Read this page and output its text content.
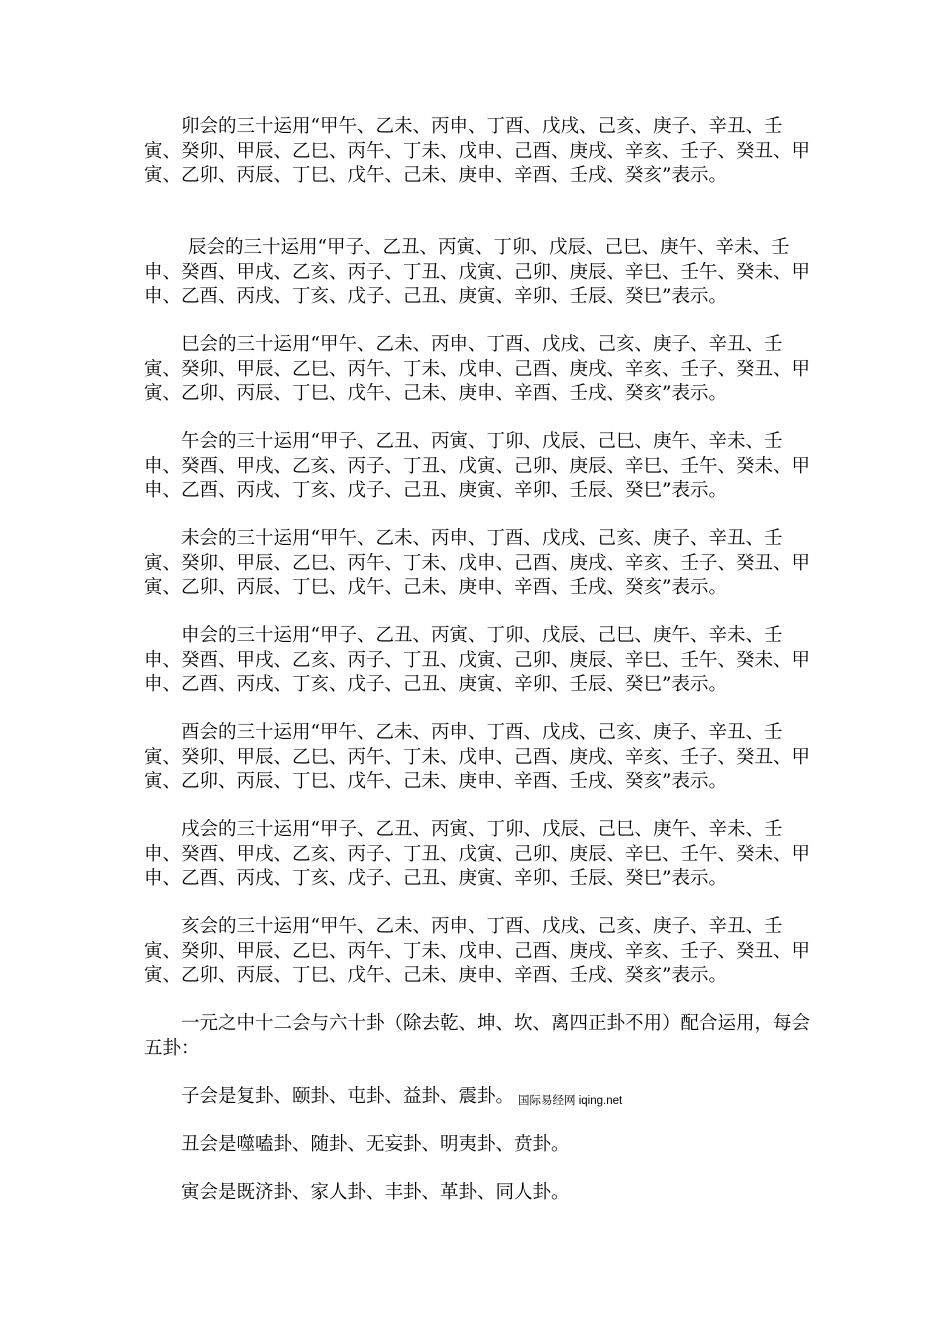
卯会的三十运用“甲午、乙未、丙申、丁酉、戊戌、己亥、庚子、辛丑、壬寅、癸卯、甲辰、乙巳、丙午、丁未、戊申、己酉、庚戌、辛亥、壬子、癸丑、甲寅、乙卯、丙辰、丁巳、戊午、己未、庚申、辛酉、壬戌、癸亥”表示。

辰会的三十运用“甲子、乙丑、丙寅、丁卯、戊辰、己巳、庚午、辛未、壬申、癸酉、甲戌、乙亥、丙子、丁丑、戊寅、己卯、庚辰、辛巳、壬午、癸未、甲申、乙酉、丙戌、丁亥、戊子、己丑、庚寅、辛卯、壬辰、癸巳”表示。

巳会的三十运用“甲午、乙未、丙申、丁酉、戊戌、己亥、庚子、辛丑、壬寅、癸卯、甲辰、乙巳、丙午、丁未、戊申、己酉、庚戌、辛亥、壬子、癸丑、甲寅、乙卯、丙辰、丁巳、戊午、己未、庚申、辛酉、壬戌、癸亥”表示。

午会的三十运用“甲子、乙丑、丙寅、丁卯、戊辰、己巳、庚午、辛未、壬申、癸酉、甲戌、乙亥、丙子、丁丑、戊寅、己卯、庚辰、辛巳、壬午、癸未、甲申、乙酉、丙戌、丁亥、戊子、己丑、庚寅、辛卯、壬辰、癸巳”表示。

未会的三十运用“甲午、乙未、丙申、丁酉、戊戌、己亥、庚子、辛丑、壬寅、癸卯、甲辰、乙巳、丙午、丁未、戊申、己酉、庚戌、辛亥、壬子、癸丑、甲寅、乙卯、丙辰、丁巳、戊午、己未、庚申、辛酉、壬戌、癸亥”表示。

申会的三十运用“甲子、乙丑、丙寅、丁卯、戊辰、己巳、庚午、辛未、壬申、癸酉、甲戌、乙亥、丙子、丁丑、戊寅、己卯、庚辰、辛巳、壬午、癸未、甲申、乙酉、丙戌、丁亥、戊子、己丑、庚寅、辛卯、壬辰、癸巳”表示。

酉会的三十运用“甲午、乙未、丙申、丁酉、戊戌、己亥、庚子、辛丑、壬寅、癸卯、甲辰、乙巳、丙午、丁未、戊申、己酉、庚戌、辛亥、壬子、癸丑、甲寅、乙卯、丙辰、丁巳、戊午、己未、庚申、辛酉、壬戌、癸亥”表示。

戌会的三十运用“甲子、乙丑、丙寅、丁卯、戊辰、己巳、庚午、辛未、壬申、癸酉、甲戌、乙亥、丙子、丁丑、戊寅、己卯、庚辰、辛巳、壬午、癸未、甲申、乙酉、丙戌、丁亥、戊子、己丑、庚寅、辛卯、壬辰、癸巳”表示。

亥会的三十运用“甲午、乙未、丙申、丁酉、戊戌、己亥、庚子、辛丑、壬寅、癸卯、甲辰、乙巳、丙午、丁未、戊申、己酉、庚戌、辛亥、壬子、癸丑、甲寅、乙卯、丙辰、丁巳、戊午、己未、庚申、辛酉、壬戌、癸亥”表示。

一元之中十二会与六十卦（除去乾、坤、坎、离四正卦不用）配合运用，每会五卦：

子会是复卦、颐卦、屯卦、益卦、震卦。 国际易经网 iqing.net

丑会是噬嗑卦、随卦、无妄卦、明夷卦、贲卦。

寅会是既济卦、家人卦、丰卦、革卦、同人卦。
